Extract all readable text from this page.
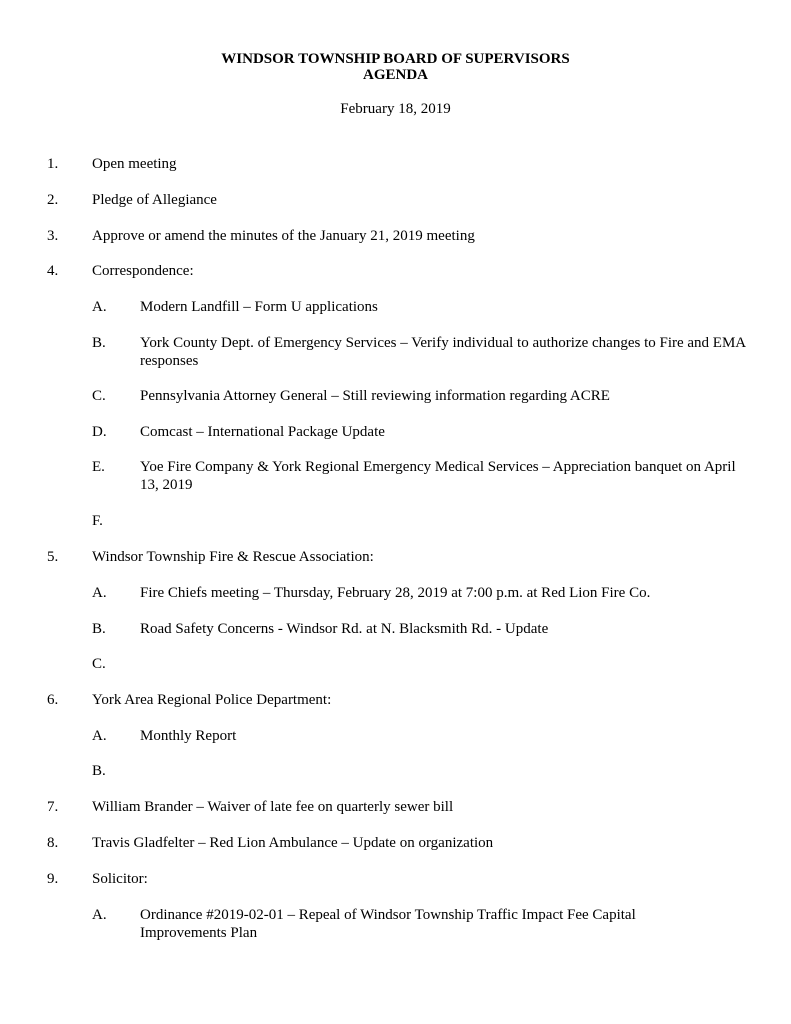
WINDSOR TOWNSHIP BOARD OF SUPERVISORS
AGENDA
February 18, 2019
1. Open meeting
2. Pledge of Allegiance
3. Approve or amend the minutes of the January 21, 2019 meeting
4. Correspondence:
A. Modern Landfill – Form U applications
B. York County Dept. of Emergency Services – Verify individual to authorize changes to Fire and EMA responses
C. Pennsylvania Attorney General – Still reviewing information regarding ACRE
D. Comcast – International Package Update
E. Yoe Fire Company & York Regional Emergency Medical Services – Appreciation banquet on April 13, 2019
F.
5. Windsor Township Fire & Rescue Association:
A. Fire Chiefs meeting – Thursday, February 28, 2019 at 7:00 p.m. at Red Lion Fire Co.
B. Road Safety Concerns - Windsor Rd. at N. Blacksmith Rd. - Update
C.
6. York Area Regional Police Department:
A. Monthly Report
B.
7. William Brander – Waiver of late fee on quarterly sewer bill
8. Travis Gladfelter – Red Lion Ambulance – Update on organization
9. Solicitor:
A. Ordinance #2019-02-01 – Repeal of Windsor Township Traffic Impact Fee Capital Improvements Plan
